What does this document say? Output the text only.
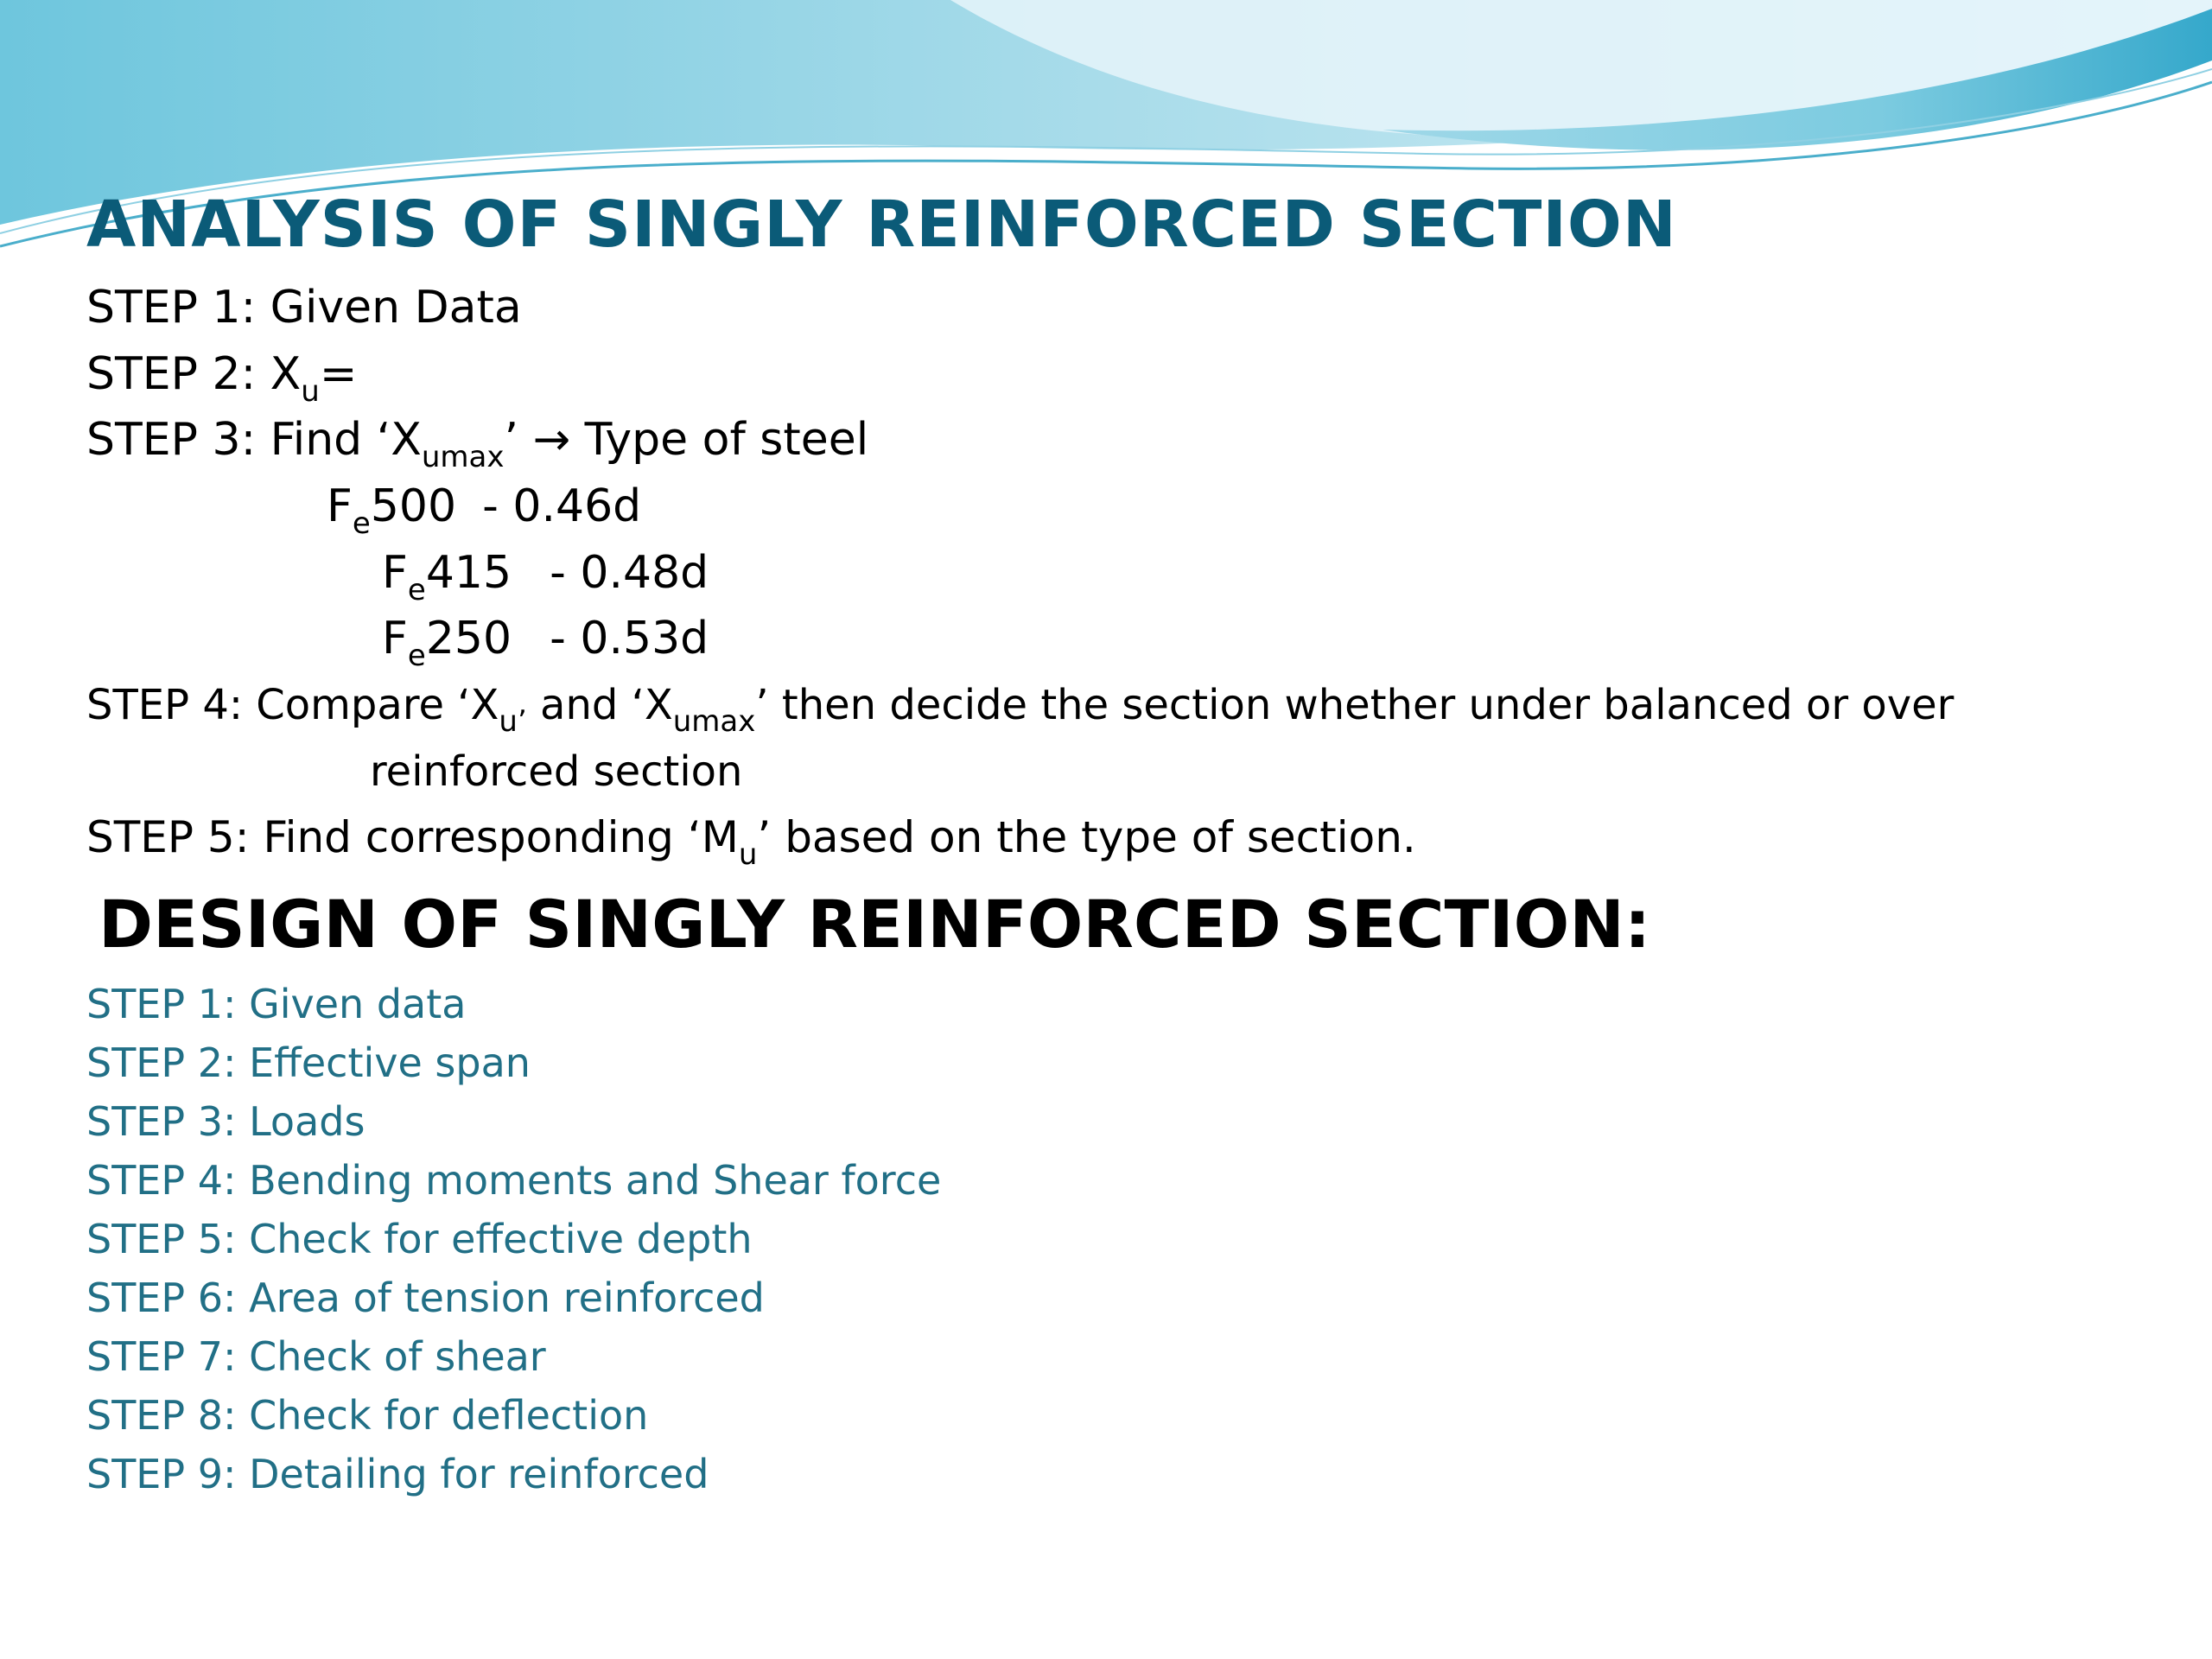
ANALYSIS OF SINGLY REINFORCED SECTION
STEP 1: Given Data
STEP 2: $X_u=$
STEP 3: Find ‘$X_{umax}$’ → Type of steel
$F_e500 - 0.46d$
$F_e415 - 0.48d$
$F_e250 - 0.53d$
STEP 4: Compare ‘$X_{u’}$ and ‘$X_{umax}$’ then decide the section whether under balanced or over
reinforced section
STEP 5: Find corresponding ‘$M_u$’ based on the type of section.
DESIGN OF SINGLY REINFORCED SECTION:
STEP 1: Given data
STEP 2: Effective span
STEP 3: Loads
STEP 4: Bending moments and Shear force
STEP 5: Check for effective depth
STEP 6: Area of tension reinforced
STEP 7: Check of shear
STEP 8: Check for deflection
STEP 9: Detailing for reinforced
